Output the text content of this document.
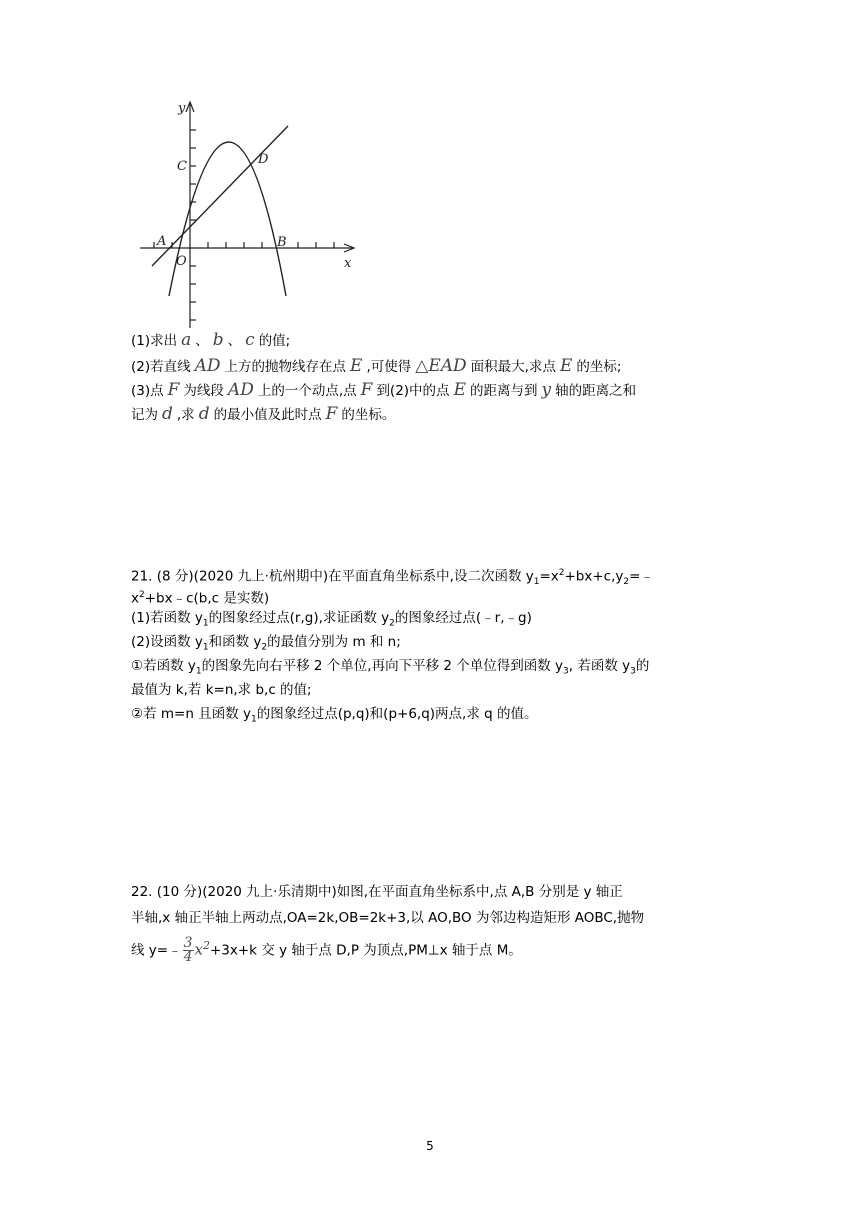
y
x
C	D
A
O
B
(1)求出 a 、 b 、 c 的值;
(2)若直线 AD 上方的抛物线存在点 E ,可使得 △EAD 面积最大,求点 E 的坐标;
(3)点 F 为线段 AD 上的一个动点,点 F 到(2)中的点 E 的距离与到 y 轴的距离之和
记为 d ,求 d 的最小值及此时点 F 的坐标。
21. (8 分)(2020 九上·杭州期中)在平面直角坐标系中,设二次函数 $y_1=x^2+bx+c,y_2=﹣$
$x^2+bx﹣c(b,c$ 是实数)
(1)若函数 $y_1$的图象经过点(r,g),求证函数 $y_2$的图象经过点(﹣r,﹣g)
(2)设函数 $y_1$和函数 $y_2$的最值分别为 m 和 n;
①若函数 $y_1$的图象先向右平移 2 个单位,再向下平移 2 个单位得到函数 $y_3$, 若函数 $y_3$的
最值为 k,若 k=n,求 b,c 的值;
②若 m=n 且函数 $y_1$的图象经过点(p,q)和(p+6,q)两点,求 q 的值。
22. (10 分)(2020 九上·乐清期中)如图,在平面直角坐标系中,点 A,B 分别是 y 轴正
半轴,x 轴正半轴上两动点,OA=2k,OB=2k+3,以 AO,BO 为邻边构造矩形 AOBC,抛物
线 y=﹣ $\frac{3}{4} x^2+3x+k$ 交 y 轴于点 D,P 为顶点,PM⊥x 轴于点 M。
5
